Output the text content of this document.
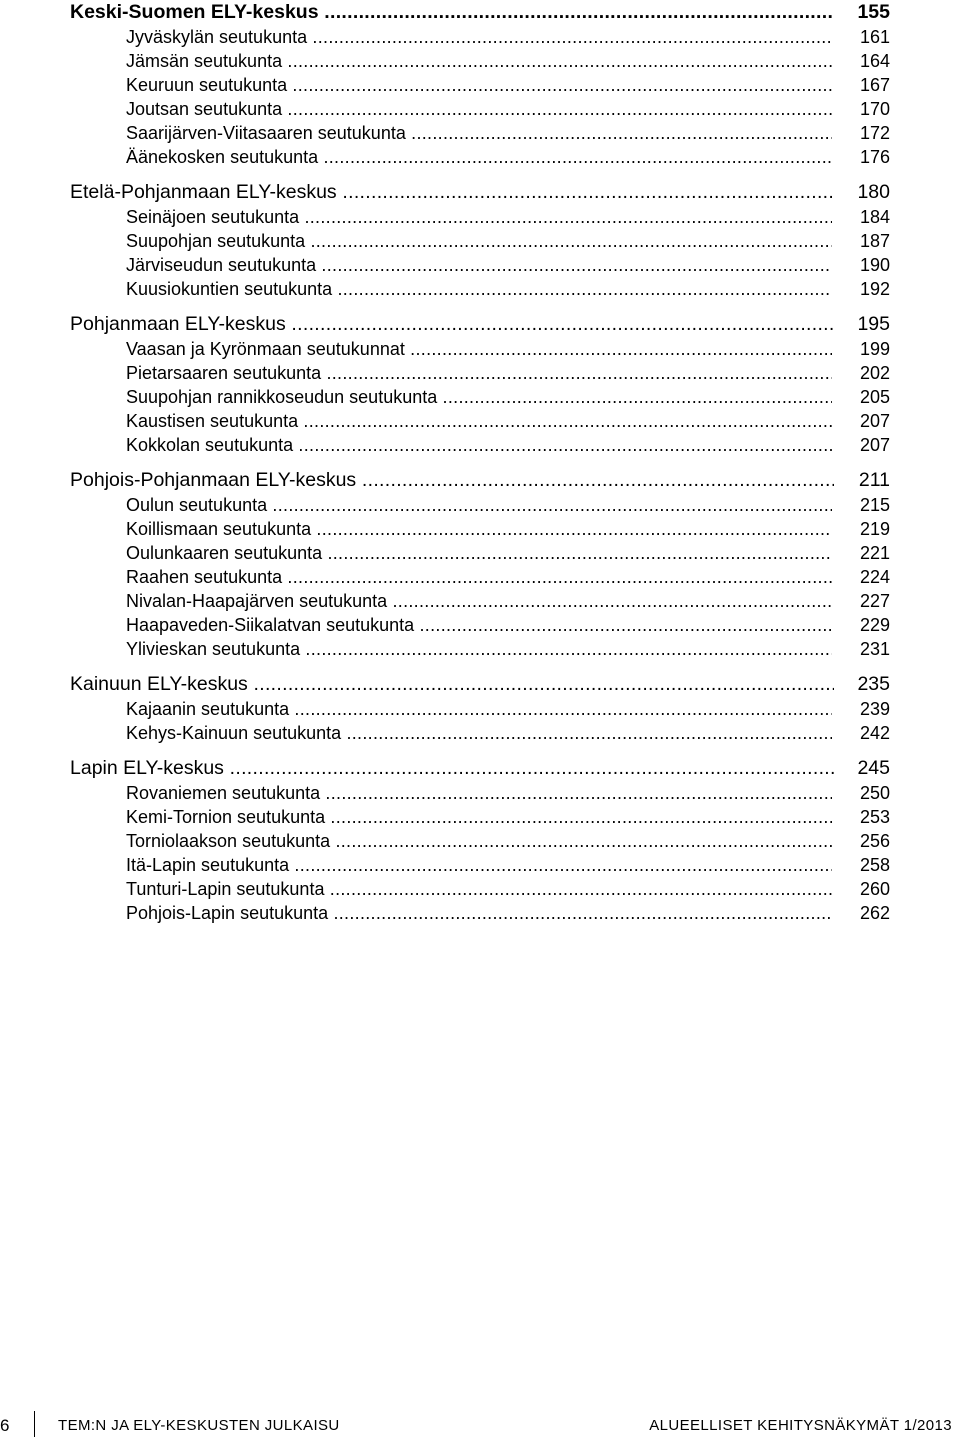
Keski-Suomen ELY-keskus .....	155
Jyväskylän seutukunta .....	161
Jämsän seutukunta .....	164
Keuruun seutukunta .....	167
Joutsan seutukunta .....	170
Saarijärven-Viitasaaren seutukunta .....	172
Äänekosken seutukunta .....	176
Etelä-Pohjanmaan ELY-keskus .....	180
Seinäjoen seutukunta .....	184
Suupohjan seutukunta .....	187
Järviseudun seutukunta .....	190
Kuusiokuntien seutukunta .....	192
Pohjanmaan ELY-keskus .....	195
Vaasan ja Kyrönmaan seutukunnat .....	199
Pietarsaaren seutukunta .....	202
Suupohjan rannikkoseudun seutukunta .....	205
Kaustisen seutukunta .....	207
Kokkolan seutukunta .....	207
Pohjois-Pohjanmaan ELY-keskus .....	211
Oulun seutukunta .....	215
Koillismaan seutukunta .....	219
Oulunkaaren seutukunta .....	221
Raahen seutukunta .....	224
Nivalan-Haapajärven seutukunta .....	227
Haapaveden-Siikalatvan seutukunta .....	229
Ylivieskan seutukunta .....	231
Kainuun ELY-keskus .....	235
Kajaanin seutukunta .....	239
Kehys-Kainuun seutukunta .....	242
Lapin ELY-keskus .....	245
Rovaniemen seutukunta .....	250
Kemi-Tornion seutukunta .....	253
Torniolaakson seutukunta .....	256
Itä-Lapin seutukunta .....	258
Tunturi-Lapin seutukunta .....	260
Pohjois-Lapin seutukunta .....	262
6	TEM:N JA ELY-KESKUSTEN JULKAISU	ALUEELLISET KEHITYSNÄKYMÄT 1/2013
